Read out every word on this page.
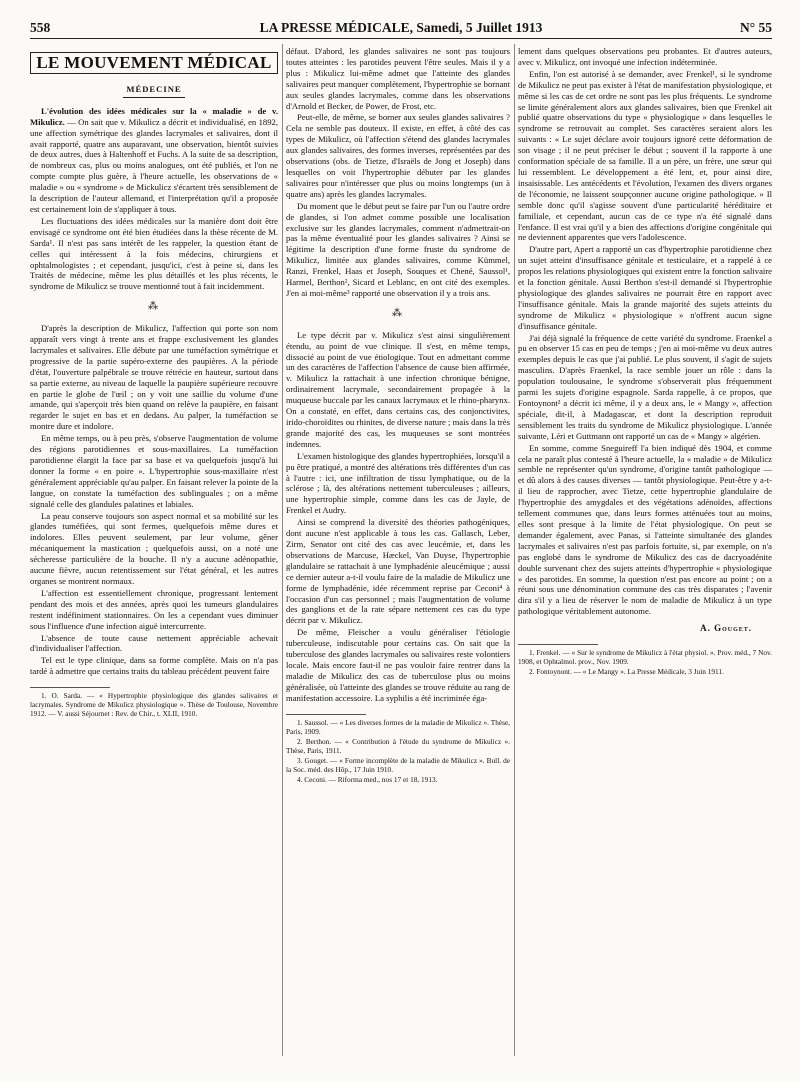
558	LA PRESSE MÉDICALE, Samedi, 5 Juillet 1913	N° 55
LE MOUVEMENT MÉDICAL
MÉDECINE

L'évolution des idées médicales sur la « maladie » de v. Mikulicz. — On sait que v. Mikulicz a décrit et individualisé, en 1892, une affection symétrique des glandes lacrymales et salivaires, dont il avait rapporté, quatre ans auparavant, une observation, bientôt suivies de deux autres, dues à Haltenhoff et Fuchs. A la suite de sa description, de nombreux cas, plus ou moins analogues, ont été publiés, et l'on ne compte compte plus guère, à l'heure actuelle, les observations de « maladie » ou « syndrome » de Mickulicz s'écartent très sensiblement de la description de l'auteur allemand, et l'interprétation qu'il a proposée est certainement loin de s'appliquer à tous.

Les fluctuations des idées médicales sur la manière dont doit être envisagé ce syndrome ont été bien étudiées dans la thèse récente de M. Sarda¹. Il n'est pas sans intérêt de les rappeler, la question étant de celles qui intéressent à la fois médecins, chirurgiens et ophtalmologistes ; et cependant, jusqu'ici, c'est à peine si, dans les Traités de médecine, même les plus détaillés et les plus récents, le syndrome de Mikulicz se trouve mentionné tout à fait incidemment.

⁂

D'après la description de Mikulicz, l'affection qui porte son nom apparaît vers vingt à trente ans et frappe exclusivement les glandes lacrymales et salivaires. Elle débute par une tuméfaction symétrique et progressive de la partie supéro-externe des paupières. A la période d'état, l'ouverture palpébrale se trouve rétrécie en hauteur, surtout dans sa partie externe, au niveau de laquelle la paupière supérieure recouvre en partie le globe de l'œil ; on y voit une saillie du volume d'une amande, qui s'aperçoit très bien quand on relève la paupière, en faisant regarder le sujet en bas et en dedans. Au palper, la tuméfaction se montre dure et indolore.

En même temps, ou à peu près, s'observe l'augmentation de volume des régions parotidiennes et sous-maxillaires. La tuméfaction parotidienne élargit la face par sa base et va quelquefois jusqu'à lui donner la forme « en poire ». L'hypertrophie sous-maxillaire n'est généralement appréciable qu'au palper. En faisant relever la pointe de la langue, on constate la tuméfaction des sublinguales ; on a même signalé celle des glandules palatines et labiales.

La peau conserve toujours son aspect normal et sa mobilité sur les glandes tuméfiées, qui sont fermes, quelquefois même dures et indolores. Elles peuvent seulement, par leur volume, gêner mécaniquement la mastication ; quelquefois aussi, on a noté une sécheresse particulière de la bouche. Il n'y a aucune adénopathie, aucune fièvre, aucun retentissement sur l'état général, et les autres organes se montrent normaux.

L'affection est essentiellement chronique, progressant lentement pendant des mois et des années, après quoi les tumeurs glandulaires restent indéfiniment stationnaires. On les a cependant vues diminuer sous l'influence d'une infection aiguë intercurrente.

L'absence de toute cause nettement appréciable achevait d'individualiser l'affection.

Tel est le type clinique, dans sa forme complète. Mais on n'a pas tardé à admettre que certains traits du tableau précédent peuvent faire

1. O. Sarda. — « Hypertrophie physiologique des glandes salivaires et lacrymales. Syndrome de Mikulicz physiologique ». Thèse de Toulouse, Novembre 1912. — V. aussi Séjournet : Rev. de Chir., t. XLII, 1910.

défaut. D'abord, les glandes salivaires ne sont pas toujours toutes atteintes : les parotides peuvent l'être seules. Mais il y a plus : Mikulicz lui-même admet que l'atteinte des glandes salivaires peut manquer complètement, l'hypertrophie se bornant aux seules glandes lacrymales, comme dans les observations d'Arnold et Becker, de Power, de Frost, etc.

Peut-elle, de même, se borner aux seules glandes salivaires ? Cela ne semble pas douteux. Il existe, en effet, à côté des cas types de Mikulicz, où l'affection s'étend des glandes lacrymales aux glandes salivaires, des formes inverses, représentées par des observations (obs. de Tietze, d'Israëls de Jong et Joseph) dans lesquelles on voit l'hypertrophie débuter par les glandes salivaires pour n'intéresser que plus ou moins longtemps (un à quatre ans) après les glandes lacrymales.

Du moment que le début peut se faire par l'un ou l'autre ordre de glandes, si l'on admet comme possible une localisation exclusive sur les glandes lacrymales, comment n'admettrait-on pas la même éventualité pour les glandes salivaires ? Ainsi se légitime la description d'une forme fruste du syndrome de Mikulicz, limitée aux glandes salivaires, comme Kümmel, Ranzi, Frenkel, Haas et Joseph, Souques et Chené, Saussol¹, Harmel, Berthon², Sicard et Leblanc, en ont cité des exemples. J'en ai moi-même³ rapporté une observation il y a trois ans.

⁂

Le type décrit par v. Mikulicz s'est ainsi singulièrement étendu, au point de vue clinique. Il s'est, en même temps, dissocié au point de vue étiologique. Tout en admettant comme un des caractères de l'affection l'absence de cause bien affirmée, v. Mikulicz la rattachait à une infection chronique bénigne, ordinairement lacrymale, secondairement propagée à la muqueuse buccale par les canaux lacrymaux et le rhino-pharynx. On a constaté, en effet, dans certains cas, des conjonctivites, irido-choroïdites ou rhinites, de diverse nature ; mais dans la très grande majorité des cas, les muqueuses se sont montrées indemnes.

L'examen histologique des glandes hypertrophiées, lorsqu'il a pu être pratiqué, a montré des altérations très différentes d'un cas à l'autre : ici, une infiltration de tissu lymphatique, ou de la sclérose ; là, des altérations nettement tuberculeuses ; ailleurs, une hypertrophie simple, comme dans les cas de Jayle, de Frenkel et Audry.

Ainsi se comprend la diversité des théories pathogéniques, dont aucune n'est applicable à tous les cas. Gallasch, Leber, Zirm, Senator ont cité des cas avec leucémie, et, dans les observations de Marcuse, Hæckel, Van Duyse, l'hypertrophie glandulaire se rattachait à une lymphadénie aleucémique ; aussi ce dernier auteur a-t-il voulu faire de la maladie de Mikulicz une forme de lymphadénie, idée récemment reprise par Ceconi⁴ à l'occasion d'un cas personnel ; mais l'augmentation de volume des ganglions et de la rate sépare nettement ces cas du type décrit par v. Mikulicz.

De même, Fleischer a voulu généraliser l'étiologie tuberculeuse, indiscutable pour certains cas. On sait que la tuberculose des glandes lacrymales ou salivaires reste volontiers locale. Mais encore faut-il ne pas vouloir faire rentrer dans la maladie de Mikulicz des cas de tuberculose plus ou moins généralisée, où l'atteinte des glandes se trouve réduite au rang de manifestation accessoire. La syphilis a été incriminée éga-

1. Saussol. — « Les diverses formes de la maladie de Mikulicz ». Thèse, Paris, 1909.

2. Berthon. — « Contribution à l'étude du syndrome de Mikulicz ». Thèse, Paris, 1911.

3. Gouget. — « Forme incomplète de la maladie de Mikulicz ». Bull. de la Soc. méd. des Hôp., 17 Juin 1910.

4. Ceconi. — Riforma med., nos 17 et 18, 1913.

lement dans quelques observations peu probantes. Et d'autres auteurs, avec v. Mikulicz, ont invoqué une infection indéterminée.

Enfin, l'on est autorisé à se demander, avec Frenkel¹, si le syndrome de Mikulicz ne peut pas exister à l'état de manifestation physiologique, et même si les cas de cet ordre ne sont pas les plus fréquents. Le syndrome se limite généralement alors aux glandes salivaires, bien que Frenkel ait publié quatre observations du type « physiologique » dans lesquelles le syndrome se retrouvait au complet. Ses caractères seraient alors les suivants : « Le sujet déclare avoir toujours ignoré cette déformation de son visage ; il ne peut préciser le début ; souvent il la rapporte à une conformation spéciale de sa famille. Il a un père, un frère, une sœur qui lui ressemblent. Le développement a été lent, et, pour ainsi dire, insaisissable. Les antécédents et l'évolution, l'examen des divers organes de l'économie, ne laissent soupçonner aucune origine pathologique. » Il semble donc qu'il s'agisse souvent d'une particularité héréditaire et familiale, et cependant, aucun cas de ce type n'a été signalé dans l'enfance. Il est vrai qu'il y a bien des affections d'origine congénitale qui ne deviennent apparentes que vers l'adolescence.

D'autre part, Apert a rapporté un cas d'hypertrophie parotidienne chez un sujet atteint d'insuffisance génitale et testiculaire, et a rappelé à ce propos les relations physiologiques qui existent entre la fonction salivaire et la fonction génitale. Aussi Berthon s'est-il demandé si l'hypertrophie physiologique des glandes salivaires ne pourrait être en rapport avec l'insuffisance génitale. Mais la grande majorité des sujets atteints du syndrome de Mikulicz « physiologique » n'offrent aucun signe d'insuffisance génitale.

J'ai déjà signalé la fréquence de cette variété du syndrome. Fraenkel a pu en observer 15 cas en peu de temps ; j'en ai moi-même vu deux autres exemples depuis le cas que j'ai publié. Le plus souvent, il s'agit de sujets masculins. D'après Fraenkel, la race semble jouer un rôle : dans la population toulousaine, le syndrome s'observerait plus fréquemment parmi les sujets d'origine espagnole. Sarda rappelle, à ce propos, que Fontoynont² a décrit ici même, il y a deux ans, le « Mangy », affection spéciale, dit-il, à Madagascar, et dont la description reproduit sensiblement les traits du syndrome de Mikulicz physiologique. L'année suivante, Léri et Guttmann ont rapporté un cas de « Mangy » algérien.

En somme, comme Sneguireff l'a bien indiqué dès 1904, et comme cela ne paraît plus contesté à l'heure actuelle, la « maladie » de Mikulicz semble ne représenter qu'un syndrome, d'origine tantôt pathologique — et dû alors à des causes diverses — tantôt physiologique. Peut-être y a-t-il lieu de rapprocher, avec Tietze, cette hypertrophie glandulaire de l'hypertrophie des amygdales et des végétations adénoïdes, affections tellement communes que, dans leurs formes atténuées tout au moins, elles sont presque à la limite de l'état physiologique. On peut se demander également, avec Panas, si l'atteinte simultanée des glandes lacrymales et salivaires n'est pas parfois fortuite, si, par exemple, on n'a pas englobé dans le syndrome de Mikulicz des cas de dacryoadénite double survenant chez des sujets atteints d'hypertrophie « physiologique » des parotides. En somme, la question n'est pas encore au point ; on a réuni sous une dénomination commune des cas très disparates ; l'avenir dira s'il y a lieu de réserver le nom de maladie de Mikulicz à un type pathologique véritablement autonome.

A. Gouget.

1. Frenkel. — « Sur le syndrome de Mikulicz à l'état physiol. ». Prov. méd., 7 Nov. 1908, et Ophtalmol. prov., Nov. 1909.

2. Fontoynont. — « Le Mangy ». La Presse Médicale, 3 Juin 1911.
